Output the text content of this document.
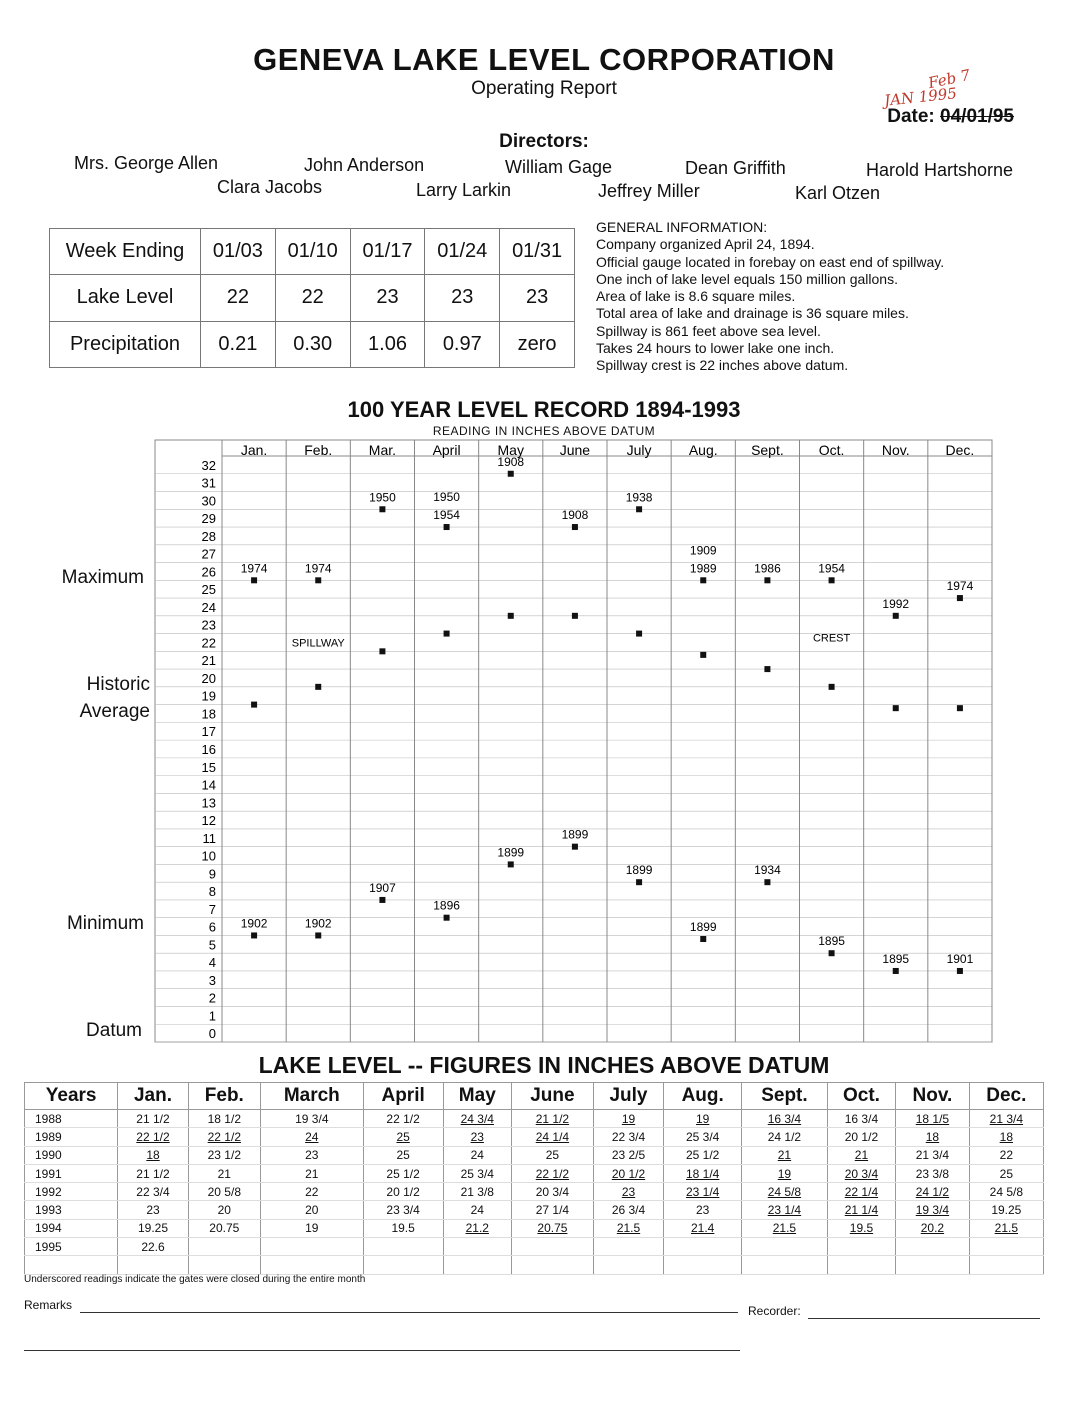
GENEVA LAKE LEVEL CORPORATION
Operating Report	Feb 7
JAN 1995
Date: 04/01/95
Directors:
Mrs. George Allen	John Anderson	William Gage	Dean Griffith	Harold Hartshorne
Clara Jacobs	Larry Larkin	Jeffrey Miller	Karl Otzen
Week Ending	01/03	01/10	01/17	01/24	01/31
Lake Level	22	22	23	23	23
Precipitation	0.21	0.30	1.06	0.97	zero
GENERAL INFORMATION:
Company organized April 24, 1894.
Official gauge located in forebay on east end of spillway.
One inch of lake level equals 150 million gallons.
Area of lake is 8.6 square miles.
Total area of lake and drainage is 36 square miles.
Spillway is 861 feet above sea level.
Takes 24 hours to lower lake one inch.
Spillway crest is 22 inches above datum.
100 YEAR LEVEL RECORD 1894-1993
READING IN INCHES ABOVE DATUM
Jan.	Feb.	Mar.	April	May	June	July	Aug. Sept. Oct.	Nov.	Dec.
32
31
30
29
28
27
26
25
24
23
22
21
20
19
18
17
16
15
14
13
12
11
10
9
8
7
6
5
4
3
2
1
0
1974	1974
1950	1950
1954
1908
1908
1938
1909
1989	1986	1954
1992
1974
1902	1902
1907
1896
1899
1899
1899
1899
1934
1895
1895	1901
SPILLWAY	CREST
Maximum
Historic
Average
Minimum
Datum
LAKE LEVEL -- FIGURES IN INCHES ABOVE DATUM
Years	Jan.	Feb.	March	April	May	June	July	Aug.	Sept.	Oct.	Nov.	Dec.
1988	21 1/2	18 1/2	19 3/4	22 1/2	24 3/4	21 1/2	19	19	16 3/4	16 3/4	18 1/5	21 3/4
1989	22 1/2	22 1/2	24	25	23	24 1/4	22 3/4	25 3/4	24 1/2	20 1/2	18	18
1990	18	23 1/2	23	25	24	25	23 2/5	25 1/2	21	21	21 3/4	22
1991	21 1/2	21	21	25 1/2	25 3/4	22 1/2	20 1/2	18 1/4	19	20 3/4	23 3/8	25
1992	22 3/4	20 5/8	22	20 1/2	21 3/8	20 3/4	23	23 1/4	24 5/8	22 1/4	24 1/2	24 5/8
1993	23	20	20	23 3/4	24	27 1/4	26 3/4	23	23 1/4	21 1/4	19 3/4	19.25
1994	19.25	20.75	19	19.5	21.2	20.75	21.5	21.4	21.5	19.5	20.2	21.5
1995	22.6											

Underscored readings indicate the gates were closed during the entire month
Remarks	Recorder:
